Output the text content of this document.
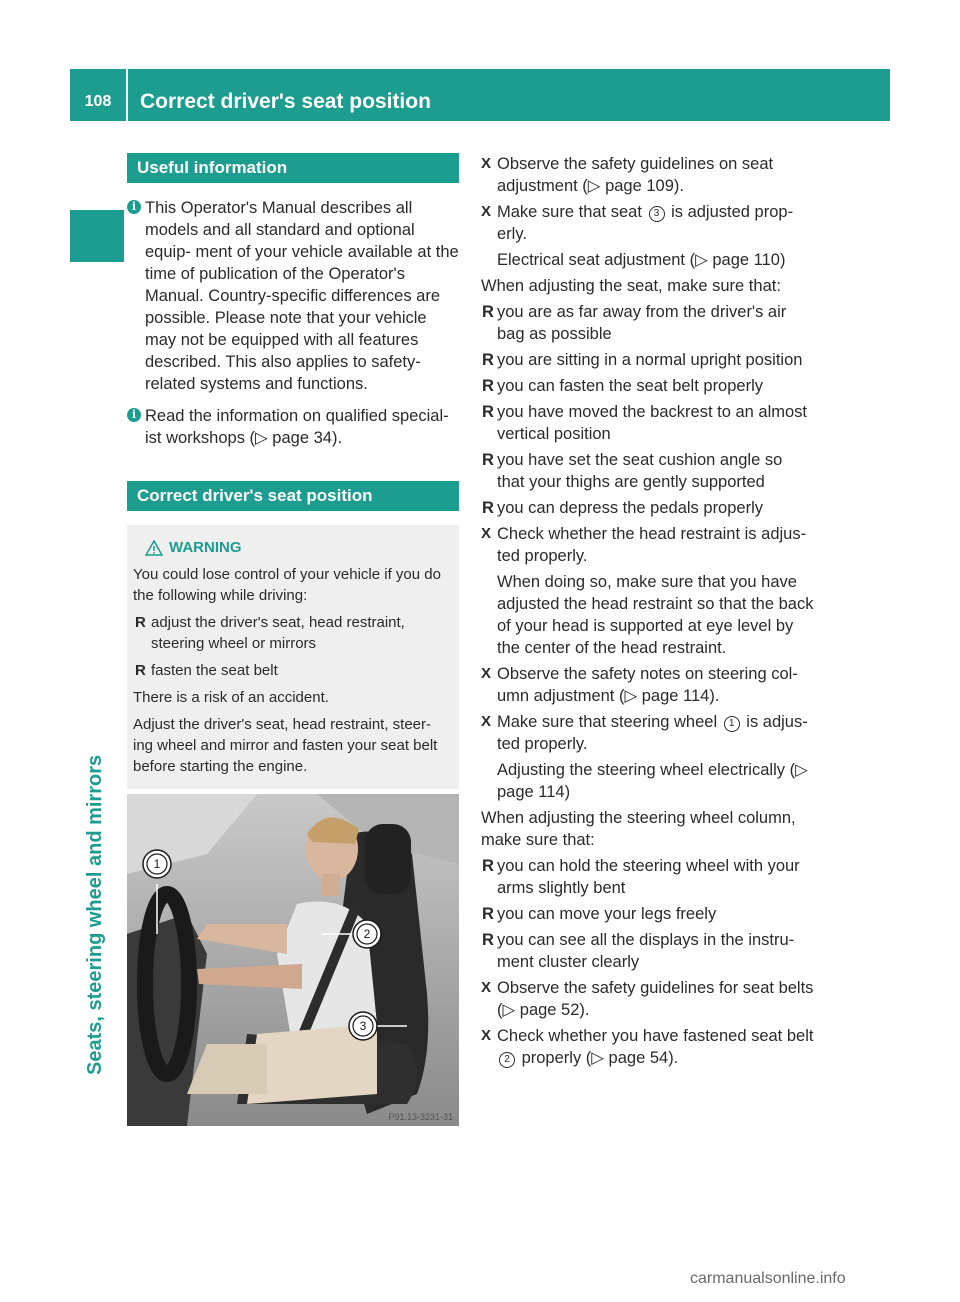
108	Correct driver's seat position
Seats, steering wheel and mirrors
Useful information
i This Operator's Manual describes all models and all standard and optional equip- ment of your vehicle available at the time of publication of the Operator's Manual. Country-specific differences are possible. Please note that your vehicle may not be equipped with all features described. This also applies to safety-related systems and functions.
i Read the information on qualified special- ist workshops (▷ page 34).
Correct driver's seat position
WARNING
You could lose control of your vehicle if you do the following while driving:
R adjust the driver's seat, head restraint, steering wheel or mirrors
R fasten the seat belt
There is a risk of an accident.
Adjust the driver's seat, head restraint, steer- ing wheel and mirror and fasten your seat belt before starting the engine.
1
2
3
P91.13-3231-31
X Observe the safety guidelines on seat adjustment (▷ page 109).
X Make sure that seat 3 is adjusted prop- erly.
Electrical seat adjustment (▷ page 110)
When adjusting the seat, make sure that:
R you are as far away from the driver's air bag as possible
R you are sitting in a normal upright position
R you can fasten the seat belt properly
R you have moved the backrest to an almost vertical position
R you have set the seat cushion angle so that your thighs are gently supported
R you can depress the pedals properly
X Check whether the head restraint is adjus- ted properly.
When doing so, make sure that you have adjusted the head restraint so that the back of your head is supported at eye level by the center of the head restraint.
X Observe the safety notes on steering col- umn adjustment (▷ page 114).
X Make sure that steering wheel 1 is adjus- ted properly.
Adjusting the steering wheel electrically (▷ page 114)
When adjusting the steering wheel column, make sure that:
R you can hold the steering wheel with your arms slightly bent
R you can move your legs freely
R you can see all the displays in the instru- ment cluster clearly
X Observe the safety guidelines for seat belts (▷ page 52).
X Check whether you have fastened seat belt 2 properly (▷ page 54).
carmanualsonline.info
